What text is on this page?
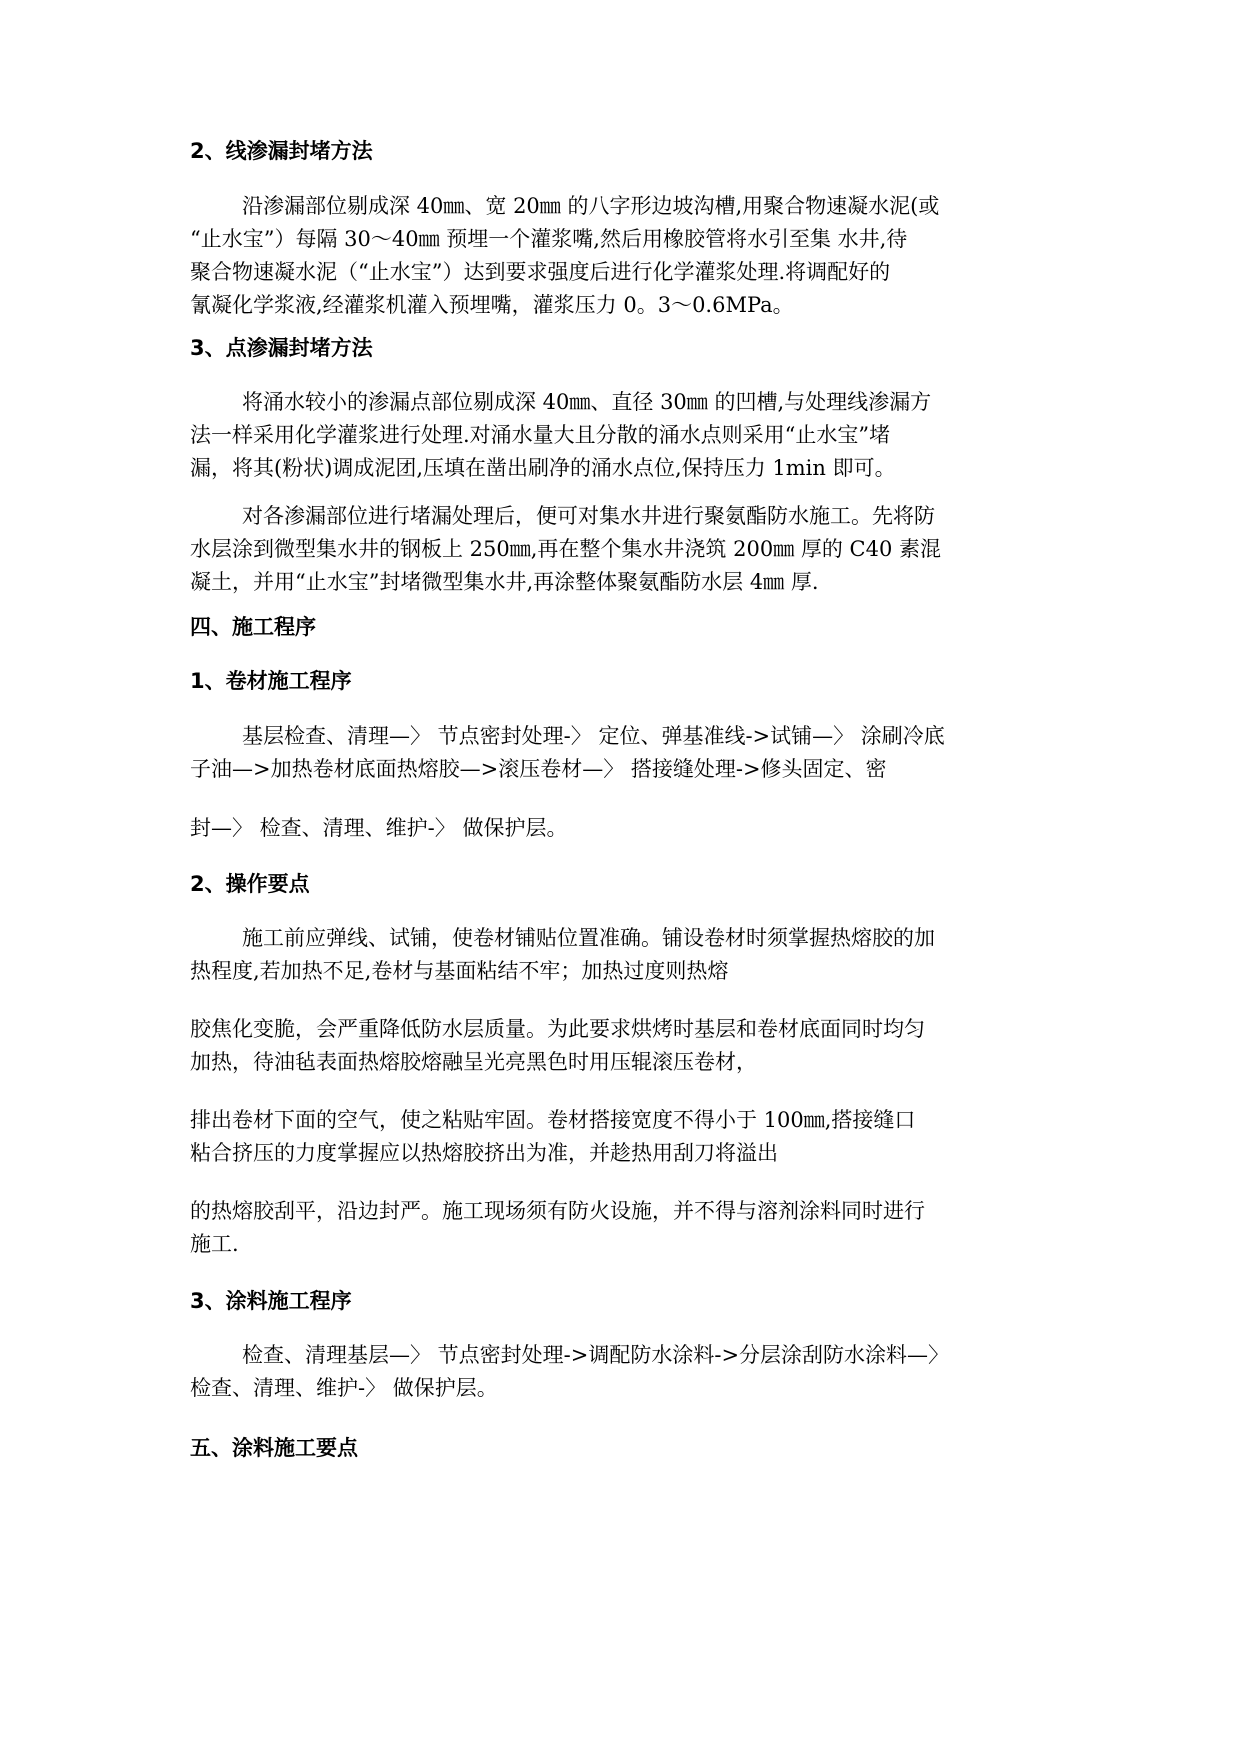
2、线渗漏封堵方法
沿渗漏部位剔成深 40㎜、宽 20㎜ 的八字形边坡沟槽,用聚合物速凝水泥(或
“止水宝”）每隔 30～40㎜ 预埋一个灌浆嘴,然后用橡胶管将水引至集 水井,待
聚合物速凝水泥（“止水宝”）达到要求强度后进行化学灌浆处理.将调配好的
氰凝化学浆液,经灌浆机灌入预埋嘴，灌浆压力 0。3～0.6MPa。
3、点渗漏封堵方法
将涌水较小的渗漏点部位剔成深 40㎜、直径 30㎜ 的凹槽,与处理线渗漏方
法一样采用化学灌浆进行处理.对涌水量大且分散的涌水点则采用“止水宝”堵
漏，将其(粉状)调成泥团,压填在凿出刷净的涌水点位,保持压力 1min 即可。
对各渗漏部位进行堵漏处理后，便可对集水井进行聚氨酯防水施工。先将防
水层涂到微型集水井的钢板上 250㎜,再在整个集水井浇筑 200㎜ 厚的 C40 素混
凝土，并用“止水宝”封堵微型集水井,再涂整体聚氨酯防水层 4㎜ 厚.
四、施工程序
1、卷材施工程序
基层检查、清理—〉 节点密封处理-〉 定位、弹基准线->试铺—〉 涂刷冷底
子油—>加热卷材底面热熔胶—>滚压卷材—〉 搭接缝处理->修头固定、密
封—〉 检查、清理、维护-〉 做保护层。
2、操作要点
施工前应弹线、试铺，使卷材铺贴位置准确。铺设卷材时须掌握热熔胶的加
热程度,若加热不足,卷材与基面粘结不牢；加热过度则热熔
胶焦化变脆，会严重降低防水层质量。为此要求烘烤时基层和卷材底面同时均匀
加热，待油毡表面热熔胶熔融呈光亮黑色时用压辊滚压卷材，
排出卷材下面的空气，使之粘贴牢固。卷材搭接宽度不得小于 100㎜,搭接缝口
粘合挤压的力度掌握应以热熔胶挤出为准，并趁热用刮刀将溢出
的热熔胶刮平，沿边封严。施工现场须有防火设施，并不得与溶剂涂料同时进行
施工.
3、涂料施工程序
检查、清理基层—〉 节点密封处理->调配防水涂料->分层涂刮防水涂料—〉
检查、清理、维护-〉 做保护层。
五、涂料施工要点
